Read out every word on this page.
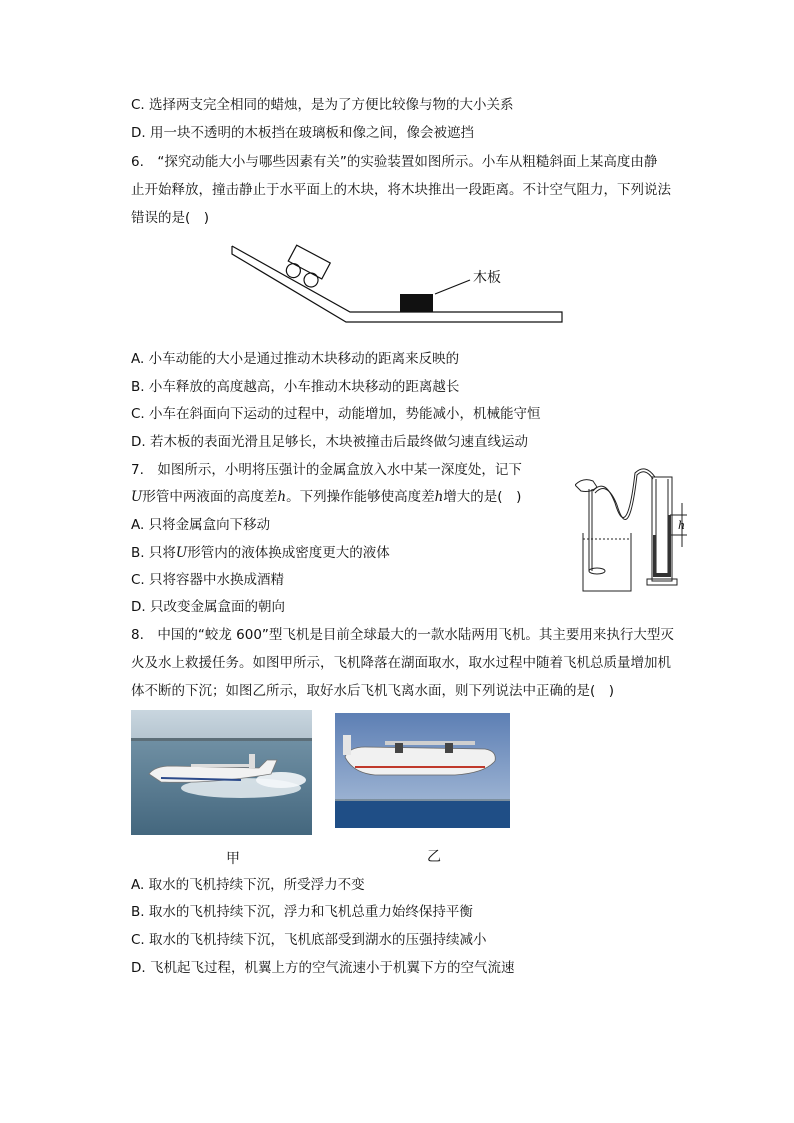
C. 选择两支完全相同的蜡烛，是为了方便比较像与物的大小关系
D. 用一块不透明的木板挡在玻璃板和像之间，像会被遮挡
6.　“探究动能大小与哪些因素有关”的实验装置如图所示。小车从粗糙斜面上某高度由静
止开始释放，撞击静止于水平面上的木块，将木块推出一段距离。不计空气阻力，下列说法
错误的是(　)
木板
A. 小车动能的大小是通过推动木块移动的距离来反映的
B. 小车释放的高度越高，小车推动木块移动的距离越长
C. 小车在斜面向下运动的过程中，动能增加，势能减小，机械能守恒
D. 若木板的表面光滑且足够长，木块被撞击后最终做匀速直线运动
7.　如图所示，小明将压强计的金属盒放入水中某一深度处，记下
U形管中两液面的高度差h。下列操作能够使高度差h增大的是(　)
h
A. 只将金属盒向下移动
B. 只将U形管内的液体换成密度更大的液体
C. 只将容器中水换成酒精
D. 只改变金属盒面的朝向
8.　中国的“蛟龙 600”型飞机是目前全球最大的一款水陆两用飞机。其主要用来执行大型灭
火及水上救援任务。如图甲所示，飞机降落在湖面取水，取水过程中随着飞机总质量增加机
体不断的下沉；如图乙所示，取好水后飞机飞离水面，则下列说法中正确的是(　)
甲	乙
A. 取水的飞机持续下沉，所受浮力不变
B. 取水的飞机持续下沉，浮力和飞机总重力始终保持平衡
C. 取水的飞机持续下沉，飞机底部受到湖水的压强持续减小
D. 飞机起飞过程，机翼上方的空气流速小于机翼下方的空气流速
